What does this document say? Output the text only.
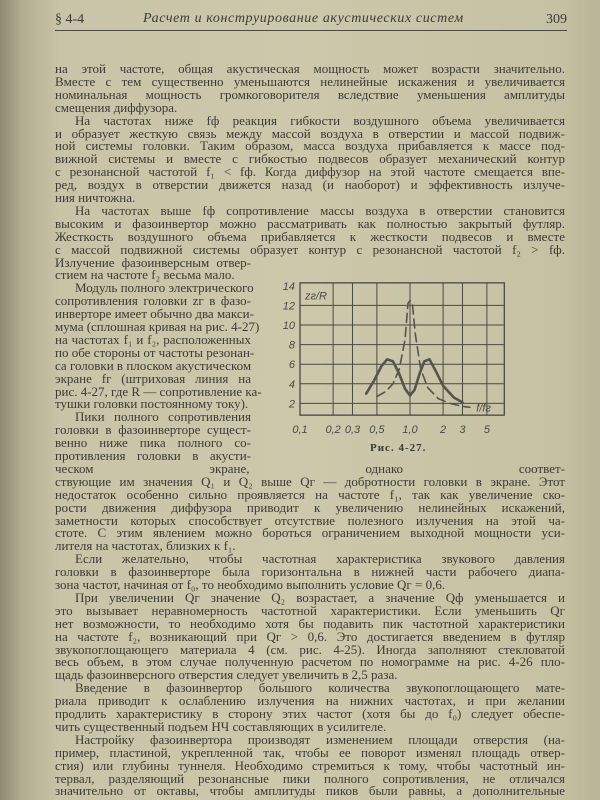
§ 4-4	Расчет и конструирование акустических систем	309
на этой частоте, общая акустическая мощность может возрасти значительно.
Вместе с тем существенно уменьшаются нелинейные искажения и увеличивается
номинальная мощность громкоговорителя вследствие уменьшения амплитуды
смещения диффузора.
На частотах ниже fф реакция гибкости воздушного объема увеличивается
и образует жесткую связь между массой воздуха в отверстии и массой подвиж-
ной системы головки. Таким образом, масса воздуха прибавляется к массе под-
вижной системы и вместе с гибкостью подвесов образует механический контур
с резонансной частотой f₁ < fф. Когда диффузор на этой частоте смещается впе-
ред, воздух в отверстии движется назад (и наоборот) и эффективность излуче-
ния ничтожна.
На частотах выше fф сопротивление массы воздуха в отверстии становится
высоким и фазоинвертор можно рассматривать как полностью закрытый футляр.
Жесткость воздушного объема прибавляется к жесткости подвесов и вместе
с массой подвижной системы образует контур с резонансной частотой f₂ > fф.
Излучение фазоинверсным отвер-
стием на частоте f₂ весьма мало.
Модуль полного электрического
сопротивления головки zг в фазо-
инверторе имеет обычно два макси-
мума (сплошная кривая на рис. 4-27)
на частотах f₁ и f₂, расположенных
по обе стороны от частоты резонан-
са головки в плоском акустическом
экране fг (штриховая линия на
рис. 4-27, где R — сопротивление ка-
тушки головки постоянному току).
Пики полного сопротивления
головки в фазоинверторе сущест-
венно ниже пика полного со-
противления головки в акусти-
ческом экране, однако соответ-
ствующие им значения Q₁ и Q₂ выше Qг — добротности головки в экране. Этот
недостаток особенно сильно проявляется на частоте f₁, так как увеличение ско-
рости движения диффузора приводит к увеличению нелинейных искажений,
заметности которых способствует отсутствие полезного излучения на этой ча-
стоте. С этим явлением можно бороться ограничением выходной мощности уси-
лителя на частотах, близких к f₁.
Если желательно, чтобы частотная характеристика звукового давления
головки в фазоинверторе была горизонтальна в нижней части рабочего диапа-
зона частот, начиная от f₀, то необходимо выполнить условие Qг = 0,6.
При увеличении Qг значение Q₂ возрастает, а значение Qф уменьшается и
это вызывает неравномерность частотной характеристики. Если уменьшить Qг
нет возможности, то необходимо хотя бы подавить пик частотной характеристики
на частоте f₂, возникающий при Qг > 0,6. Это достигается введением в футляр
звукопоглощающего материала 4 (см. рис. 4-25). Иногда заполняют стекловатой
весь объем, в этом случае полученную расчетом по номограмме на рис. 4-26 пло-
щадь фазоинверсного отверстия следует увеличить в 2,5 раза.
Введение в фазоинвертор большого количества звукопоглощающего мате-
риала приводит к ослаблению излучения на нижних частотах, и при желании
продлить характеристику в сторону этих частот (хотя бы до f₀) следует обеспе-
чить существенный подъем НЧ составляющих в усилителе.
Настройку фазоинвертора производят изменением площади отверстия (на-
пример, пластиной, укрепленной так, чтобы ее поворот изменял площадь отвер-
стия) или глубины туннеля. Необходимо стремиться к тому, чтобы частотный ин-
тервал, разделяющий резонансные пики полного сопротивления, не отличался
значительно от октавы, чтобы амплитуды пиков были равны, а дополнительные
0,1 0,2 0,3 0,5 1,0 2 3 5
2
4
6
8
10
12
14
zг/R
f/fг
Рис. 4-27.
